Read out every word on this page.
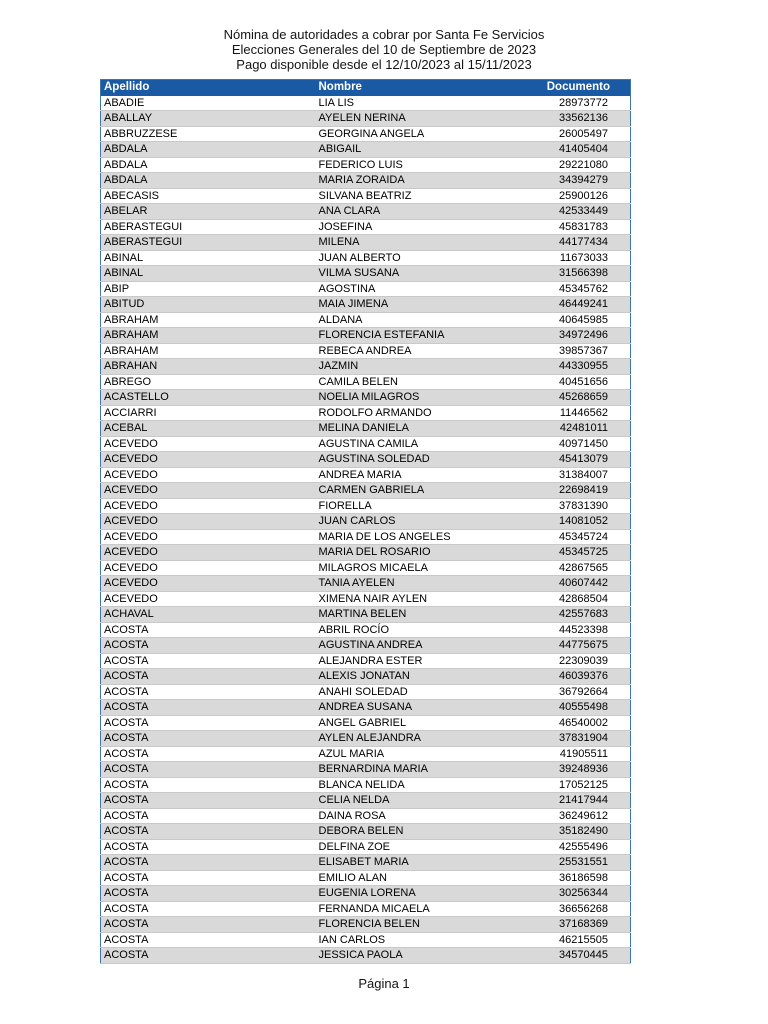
Nómina de autoridades a cobrar por Santa Fe Servicios
Elecciones Generales del 10 de Septiembre de 2023
Pago disponible desde el 12/10/2023 al 15/11/2023
Apellido	Nombre	Documento
ABADIE	LIA LIS	28973772
ABALLAY	AYELEN NERINA	33562136
ABBRUZZESE	GEORGINA ANGELA	26005497
ABDALA	ABIGAIL	41405404
ABDALA	FEDERICO LUIS	29221080
ABDALA	MARIA ZORAIDA	34394279
ABECASIS	SILVANA BEATRIZ	25900126
ABELAR	ANA CLARA	42533449
ABERASTEGUI	JOSEFINA	45831783
ABERASTEGUI	MILENA	44177434
ABINAL	JUAN ALBERTO	11673033
ABINAL	VILMA SUSANA	31566398
ABIP	AGOSTINA	45345762
ABITUD	MAIA JIMENA	46449241
ABRAHAM	ALDANA	40645985
ABRAHAM	FLORENCIA ESTEFANIA	34972496
ABRAHAM	REBECA ANDREA	39857367
ABRAHAN	JAZMIN	44330955
ABREGO	CAMILA BELEN	40451656
ACASTELLO	NOELIA MILAGROS	45268659
ACCIARRI	RODOLFO ARMANDO	11446562
ACEBAL	MELINA DANIELA	42481011
ACEVEDO	AGUSTINA CAMILA	40971450
ACEVEDO	AGUSTINA SOLEDAD	45413079
ACEVEDO	ANDREA MARIA	31384007
ACEVEDO	CARMEN GABRIELA	22698419
ACEVEDO	FIORELLA	37831390
ACEVEDO	JUAN CARLOS	14081052
ACEVEDO	MARIA DE LOS ANGELES	45345724
ACEVEDO	MARIA DEL ROSARIO	45345725
ACEVEDO	MILAGROS MICAELA	42867565
ACEVEDO	TANIA AYELEN	40607442
ACEVEDO	XIMENA NAIR AYLEN	42868504
ACHAVAL	MARTINA BELEN	42557683
ACOSTA	ABRIL ROCÍO	44523398
ACOSTA	AGUSTINA ANDREA	44775675
ACOSTA	ALEJANDRA ESTER	22309039
ACOSTA	ALEXIS JONATAN	46039376
ACOSTA	ANAHI SOLEDAD	36792664
ACOSTA	ANDREA SUSANA	40555498
ACOSTA	ANGEL GABRIEL	46540002
ACOSTA	AYLEN ALEJANDRA	37831904
ACOSTA	AZUL MARIA	41905511
ACOSTA	BERNARDINA MARIA	39248936
ACOSTA	BLANCA NELIDA	17052125
ACOSTA	CELIA NELDA	21417944
ACOSTA	DAINA ROSA	36249612
ACOSTA	DEBORA BELEN	35182490
ACOSTA	DELFINA ZOE	42555496
ACOSTA	ELISABET MARIA	25531551
ACOSTA	EMILIO ALAN	36186598
ACOSTA	EUGENIA LORENA	30256344
ACOSTA	FERNANDA MICAELA	36656268
ACOSTA	FLORENCIA BELEN	37168369
ACOSTA	IAN CARLOS	46215505
ACOSTA	JESSICA PAOLA	34570445
Página 1
